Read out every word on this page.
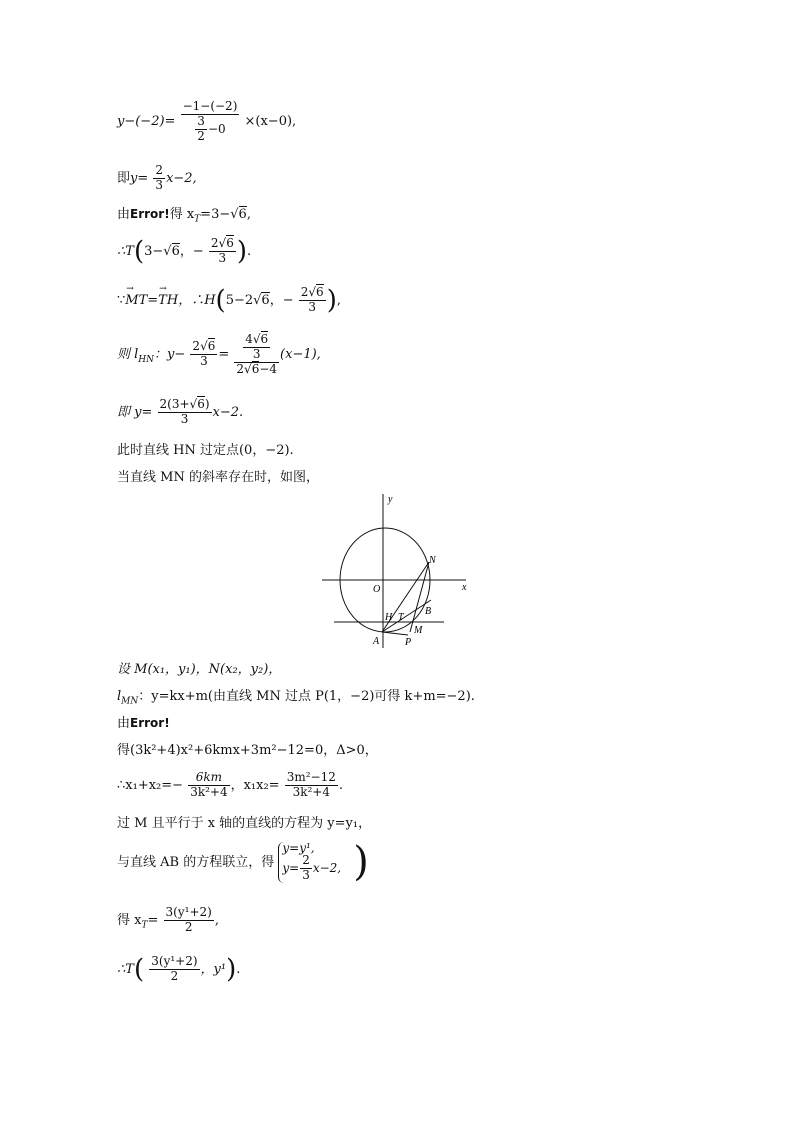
$y-(-2)= \frac{-1-(-2)}{\frac{3}{2} -0} \times(x-0)$,
即$y= \frac{2}{3} x-2$,
由Error!得 $x_T=3-√6$,
∴T(3−√6，− $\frac{2√6}{3}$ ).
∵→ MT=→ TH，∴H(5−2√6，− $\frac{2√6}{3}$ ),
则 $l_{HN}$：$y- \frac{2√6}{3} = \frac{\frac{4√6}{3}}{2√6-4} (x-1)$,
即 $y= \frac{2(3+√6)}{3} x-2$.
此时直线 HN 过定点(0，−2).
当直线 MN 的斜率存在时，如图，
y
x
O
N
B
H T
M
A	P
设 M(x₁，y₁)，N(x₂，y₂)，
$l_{MN}$：y=kx+m(由直线 MN 过点 P(1，−2)可得 k+m=−2).
由Error!
得(3k²+4)x²+6kmx+3m²−12=0，Δ>0，
∴x₁+x₂=− $\frac{6km}{\text{3k²+4}}$ ，$x_1x_2= \frac{\text{3m²−12}}{\text{3k²+4}}$ .
过 M 且平行于 x 轴的直线的方程为 y=y₁，
与直线 AB 的方程联立，得
y=y¹,
$y= \frac{2}{3} x-2$, )
得 $x_T= \frac{\text{3(y¹+2)}}{2}$ ,
∴T( $\frac{\text{3(y¹+2)}}{2}$ ，y¹).
